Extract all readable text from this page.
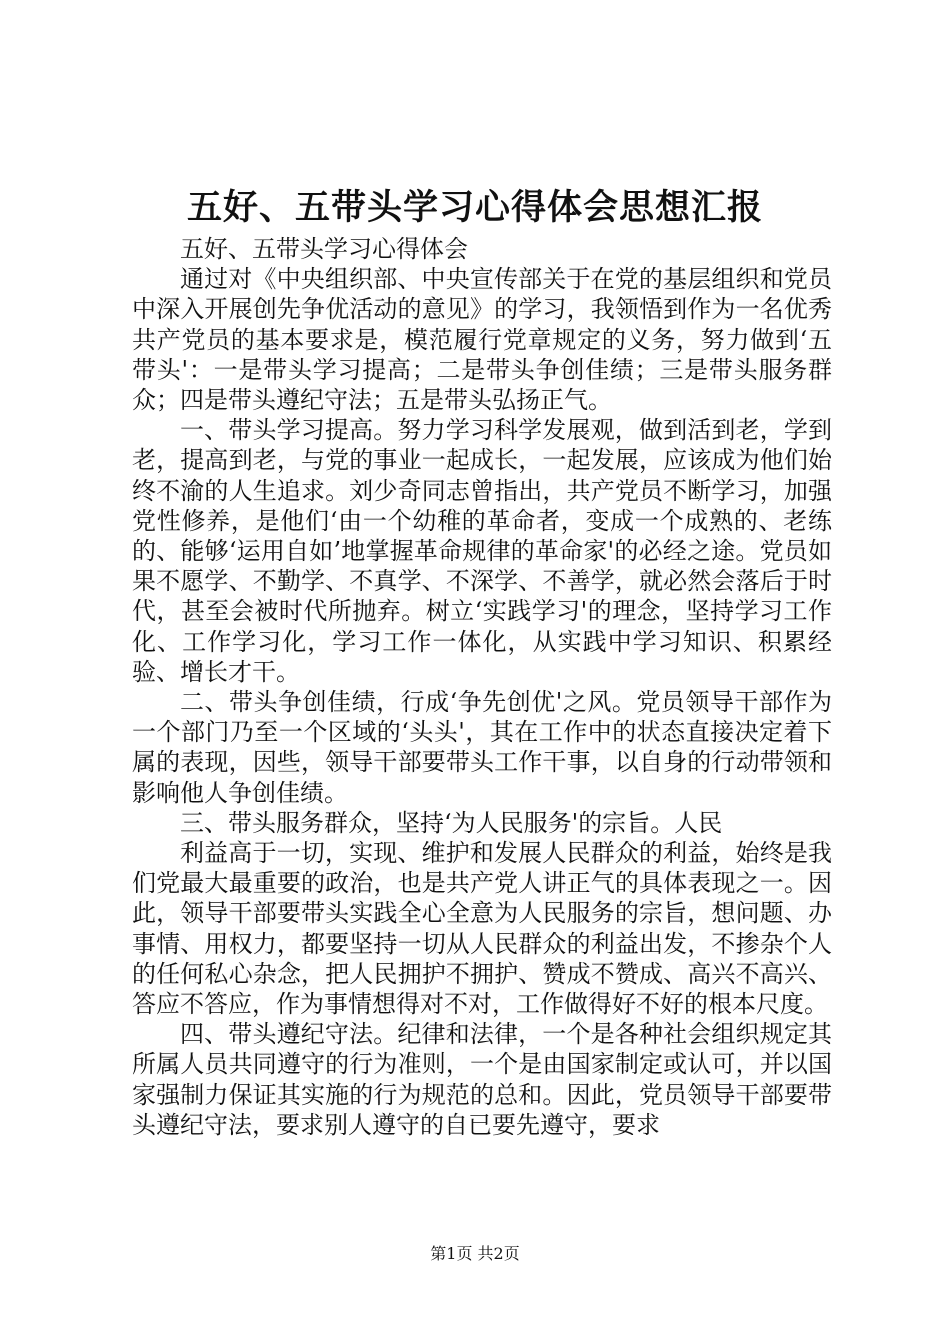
五好、五带头学习心得体会思想汇报

五好、五带头学习心得体会

通过对《中央组织部、中央宣传部关于在党的基层组织和党员中深入开展创先争优活动的意见》的学习，我领悟到作为一名优秀共产党员的基本要求是，模范履行党章规定的义务，努力做到‘五带头'：一是带头学习提高；二是带头争创佳绩；三是带头服务群众；四是带头遵纪守法；五是带头弘扬正气。

一、带头学习提高。努力学习科学发展观，做到活到老，学到老，提高到老，与党的事业一起成长，一起发展，应该成为他们始终不渝的人生追求。刘少奇同志曾指出，共产党员不断学习，加强党性修养，是他们‘由一个幼稚的革命者，变成一个成熟的、老练的、能够‘运用自如’地掌握革命规律的革命家'的必经之途。党员如果不愿学、不勤学、不真学、不深学、不善学，就必然会落后于时代，甚至会被时代所抛弃。树立‘实践学习'的理念，坚持学习工作化、工作学习化，学习工作一体化，从实践中学习知识、积累经验、增长才干。

二、带头争创佳绩，行成‘争先创优'之风。党员领导干部作为一个部门乃至一个区域的‘头头'，其在工作中的状态直接决定着下属的表现，因些，领导干部要带头工作干事，以自身的行动带领和影响他人争创佳绩。

三、带头服务群众，坚持‘为人民服务'的宗旨。人民

利益高于一切，实现、维护和发展人民群众的利益，始终是我们党最大最重要的政治，也是共产党人讲正气的具体表现之一。因此，领导干部要带头实践全心全意为人民服务的宗旨，想问题、办事情、用权力，都要坚持一切从人民群众的利益出发，不掺杂个人的任何私心杂念，把人民拥护不拥护、赞成不赞成、高兴不高兴、答应不答应，作为事情想得对不对，工作做得好不好的根本尺度。

四、带头遵纪守法。纪律和法律，一个是各种社会组织规定其所属人员共同遵守的行为准则，一个是由国家制定或认可，并以国家强制力保证其实施的行为规范的总和。因此，党员领导干部要带头遵纪守法，要求别人遵守的自已要先遵守，要求

第1页 共2页
